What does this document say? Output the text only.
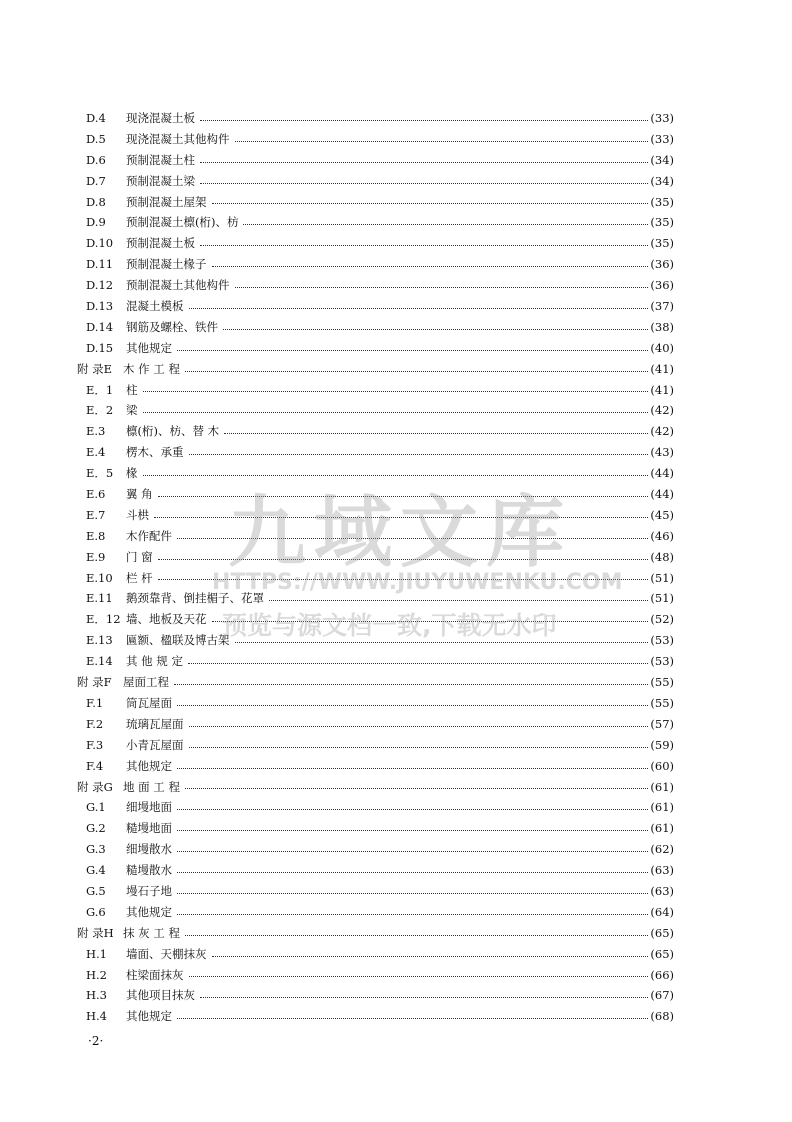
D.4	现浇混凝土板	(33)
D.5	现浇混凝土其他构件	(33)
D.6	预制混凝土柱	(34)
D.7	预制混凝土梁	(34)
D.8	预制混凝土屋架	(35)
D.9	预制混凝土檩(桁)、枋	(35)
D.10	预制混凝土板	(35)
D.11	预制混凝土椽子	(36)
D.12	预制混凝土其他构件	(36)
D.13	混凝土模板	(37)
D.14	钢筋及螺栓、铁件	(38)
D.15	其他规定	(40)
附 录E 木 作 工 程	(41)
E．1	柱	(41)
E．2	梁	(42)
E.3	檩(桁)、枋、替 木	(42)
E.4	楞木、承重	(43)
E．5	椽	(44)
E.6	翼 角	(44)
E.7	斗栱	(45)
E.8	木作配件	(46)
E.9	门 窗	(48)
E.10	栏 杆	(51)
E.11	鹅颈靠背、倒挂楣子、花罩	(51)
E．12 墙、地板及天花	(52)
E.13	匾额、楹联及博古架	(53)
E.14	其 他 规 定	(53)
附 录F 屋面工程	(55)
F.1	筒瓦屋面	(55)
F.2	琉璃瓦屋面	(57)
F.3	小青瓦屋面	(59)
F.4	其他规定	(60)
附 录G 地 面 工 程	(61)
G.1	细墁地面	(61)
G.2	糙墁地面	(61)
G.3	细墁散水	(62)
G.4	糙墁散水	(63)
G.5	墁石子地	(63)
G.6	其他规定	(64)
附 录H 抹 灰 工 程	(65)
H.1	墙面、天棚抹灰	(65)
H.2	柱梁面抹灰	(66)
H.3	其他项目抹灰	(67)
H.4	其他规定	(68)
·2·
九域文库
HTTPS://WWW.JIUYUWENKU.COM
预览与源文档一致,下载无水印
